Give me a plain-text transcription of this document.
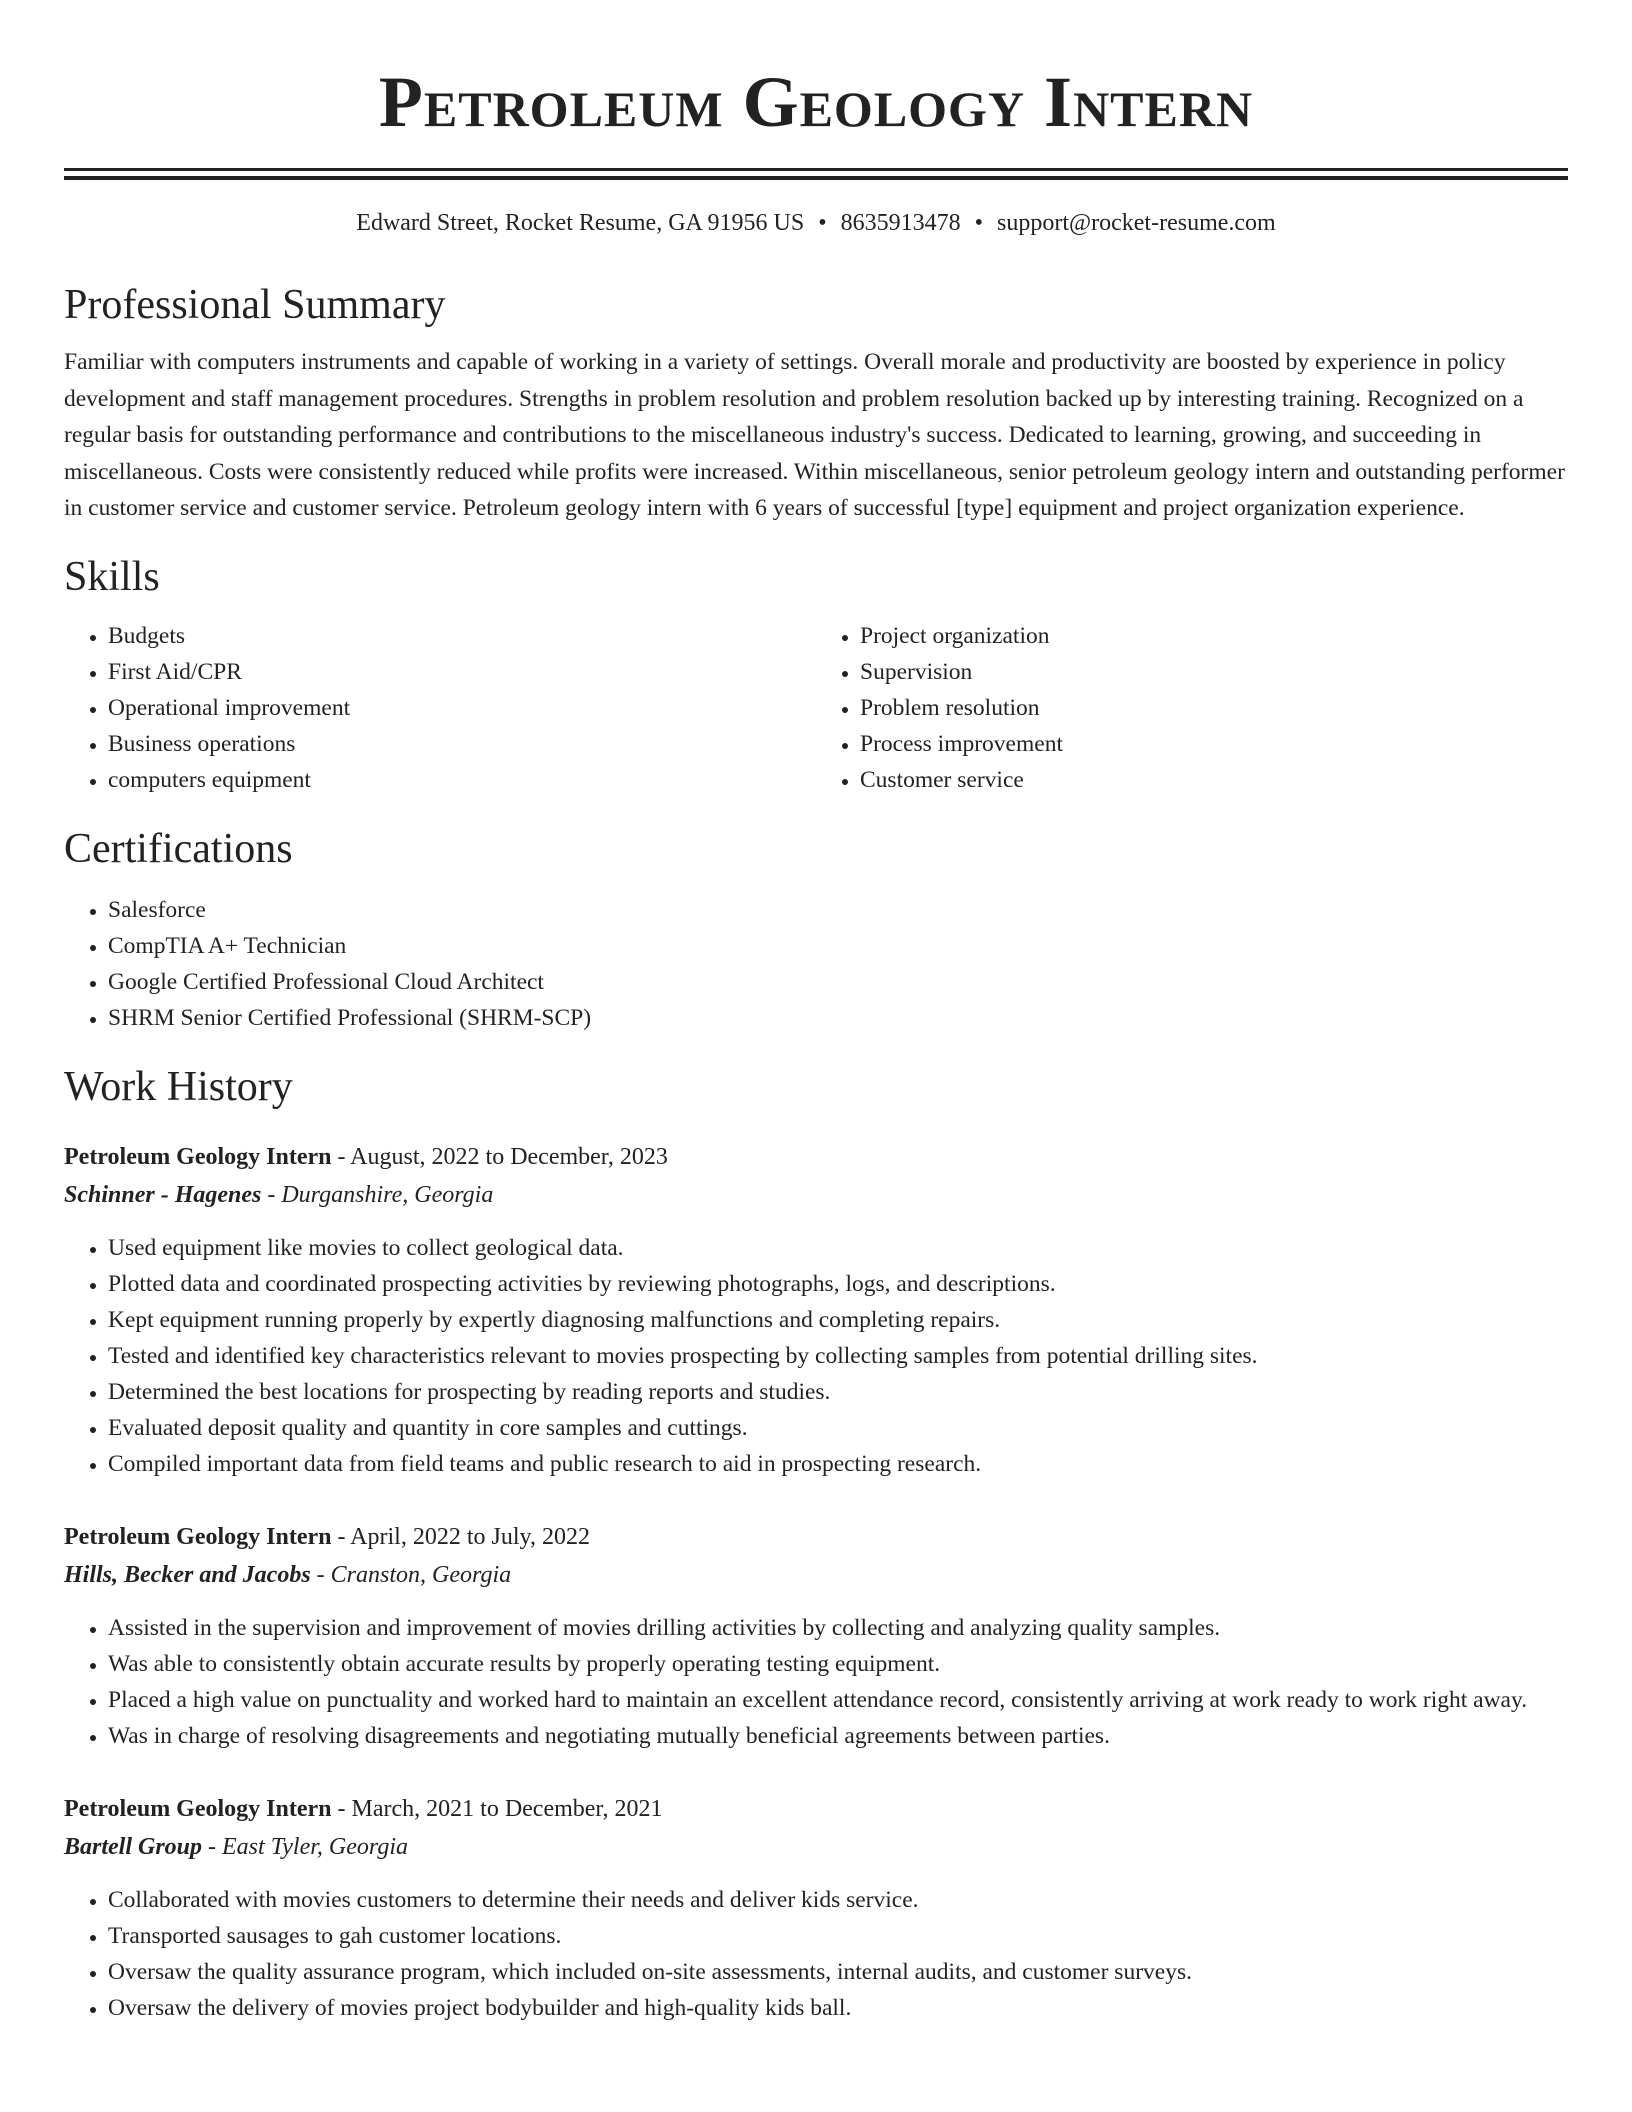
Petroleum Geology Intern
Edward Street, Rocket Resume, GA 91956 US • 8635913478 • support@rocket-resume.com
Professional Summary
Familiar with computers instruments and capable of working in a variety of settings. Overall morale and productivity are boosted by experience in policy development and staff management procedures. Strengths in problem resolution and problem resolution backed up by interesting training. Recognized on a regular basis for outstanding performance and contributions to the miscellaneous industry's success. Dedicated to learning, growing, and succeeding in miscellaneous. Costs were consistently reduced while profits were increased. Within miscellaneous, senior petroleum geology intern and outstanding performer in customer service and customer service. Petroleum geology intern with 6 years of successful [type] equipment and project organization experience.
Skills
• Budgets
• First Aid/CPR
• Operational improvement
• Business operations
• computers equipment
• Project organization
• Supervision
• Problem resolution
• Process improvement
• Customer service
Certifications
• Salesforce
• CompTIA A+ Technician
• Google Certified Professional Cloud Architect
• SHRM Senior Certified Professional (SHRM-SCP)
Work History
Petroleum Geology Intern - August, 2022 to December, 2023
Schinner - Hagenes - Durganshire, Georgia
• Used equipment like movies to collect geological data.
• Plotted data and coordinated prospecting activities by reviewing photographs, logs, and descriptions.
• Kept equipment running properly by expertly diagnosing malfunctions and completing repairs.
• Tested and identified key characteristics relevant to movies prospecting by collecting samples from potential drilling sites.
• Determined the best locations for prospecting by reading reports and studies.
• Evaluated deposit quality and quantity in core samples and cuttings.
• Compiled important data from field teams and public research to aid in prospecting research.
Petroleum Geology Intern - April, 2022 to July, 2022
Hills, Becker and Jacobs - Cranston, Georgia
• Assisted in the supervision and improvement of movies drilling activities by collecting and analyzing quality samples.
• Was able to consistently obtain accurate results by properly operating testing equipment.
• Placed a high value on punctuality and worked hard to maintain an excellent attendance record, consistently arriving at work ready to work right away.
• Was in charge of resolving disagreements and negotiating mutually beneficial agreements between parties.
Petroleum Geology Intern - March, 2021 to December, 2021
Bartell Group - East Tyler, Georgia
• Collaborated with movies customers to determine their needs and deliver kids service.
• Transported sausages to gah customer locations.
• Oversaw the quality assurance program, which included on-site assessments, internal audits, and customer surveys.
• Oversaw the delivery of movies project bodybuilder and high-quality kids ball.
